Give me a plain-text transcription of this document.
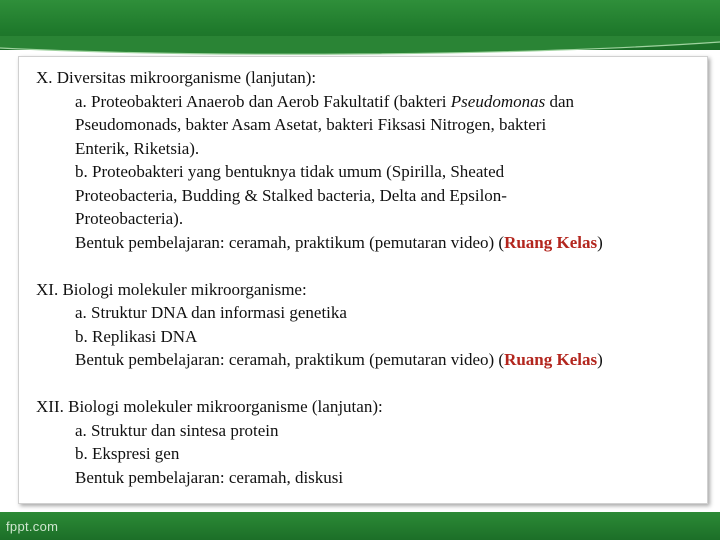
X. Diversitas mikroorganisme (lanjutan):
a. Proteobakteri Anaerob dan Aerob Fakultatif (bakteri Pseudomonas dan
Pseudomonads, bakter Asam Asetat, bakteri Fiksasi Nitrogen, bakteri
Enterik, Riketsia).
b. Proteobakteri yang bentuknya tidak umum (Spirilla, Sheated
Proteobacteria, Budding & Stalked bacteria, Delta and Epsilon-
Proteobacteria).
Bentuk pembelajaran: ceramah, praktikum (pemutaran video) (Ruang Kelas)
XI. Biologi molekuler mikroorganisme:
a. Struktur DNA dan informasi genetika
b. Replikasi DNA
Bentuk pembelajaran: ceramah, praktikum (pemutaran video) (Ruang Kelas)
XII. Biologi molekuler mikroorganisme (lanjutan):
a. Struktur dan sintesa protein
b. Ekspresi gen
Bentuk pembelajaran: ceramah, diskusi
fppt.com
